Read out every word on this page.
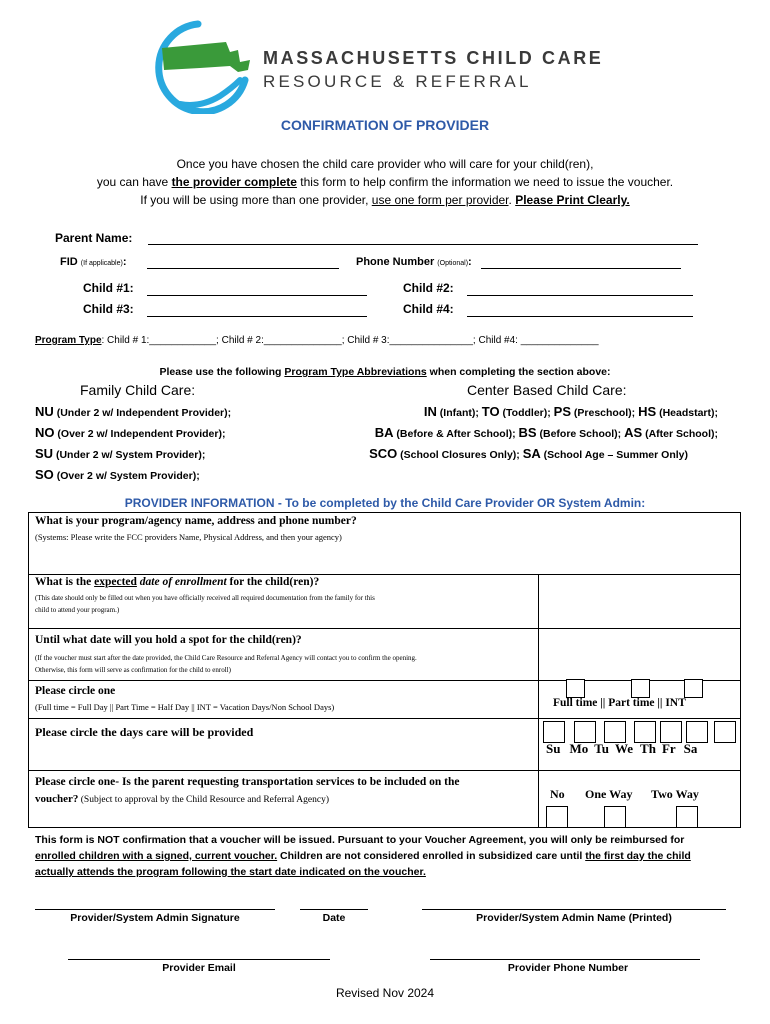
MASSACHUSETTS CHILD CARE
RESOURCE & REFERRAL
CONFIRMATION OF PROVIDER
Once you have chosen the child care provider who will care for your child(ren),
you can have the provider complete this form to help confirm the information we need to issue the voucher.
If you will be using more than one provider, use one form per provider. Please Print Clearly.
Parent Name:
FID (If applicable):	Phone Number (Optional):
Child #1:	Child #2:
Child #3:	Child #4:
Program Type: Child # 1:____________; Child # 2:______________; Child # 3:_______________; Child #4: ______________
Please use the following Program Type Abbreviations when completing the section above:
Family Child Care:	Center Based Child Care:
NU (Under 2 w/ Independent Provider);
NO (Over 2 w/ Independent Provider);
SU (Under 2 w/ System Provider);
SO (Over 2 w/ System Provider);
IN (Infant); TO (Toddler); PS (Preschool); HS (Headstart);
BA (Before & After School); BS (Before School); AS (After School);
SCO (School Closures Only); SA (School Age – Summer Only)
PROVIDER INFORMATION - To be completed by the Child Care Provider OR System Admin:
What is your program/agency name, address and phone number?
(Systems: Please write the FCC providers Name, Physical Address, and then your agency)
What is the expected date of enrollment for the child(ren)?
(This date should only be filled out when you have officially received all required documentation from the family for this
child to attend your program.)
Until what date will you hold a spot for the child(ren)?
(If the voucher must start after the date provided, the Child Care Resource and Referral Agency will contact you to confirm the opening.
Otherwise, this form will serve as confirmation for the child to enroll)
Please circle one
(Full time = Full Day || Part Time = Half Day || INT = Vacation Days/Non School Days)	Full time || Part time || INT
Please circle the days care will be provided
Su Mo Tu We Th Fr Sa
Please circle one- Is the parent requesting transportation services to be included on the
voucher? (Subject to approval by the Child Resource and Referral Agency)	No One Way Two Way
This form is NOT confirmation that a voucher will be issued. Pursuant to your Voucher Agreement, you will only be reimbursed for
enrolled children with a signed, current voucher. Children are not considered enrolled in subsidized care until the first day the child
actually attends the program following the start date indicated on the voucher.
Provider/System Admin Signature	Date	Provider/System Admin Name (Printed)
Provider Email	Provider Phone Number
Revised Nov 2024
